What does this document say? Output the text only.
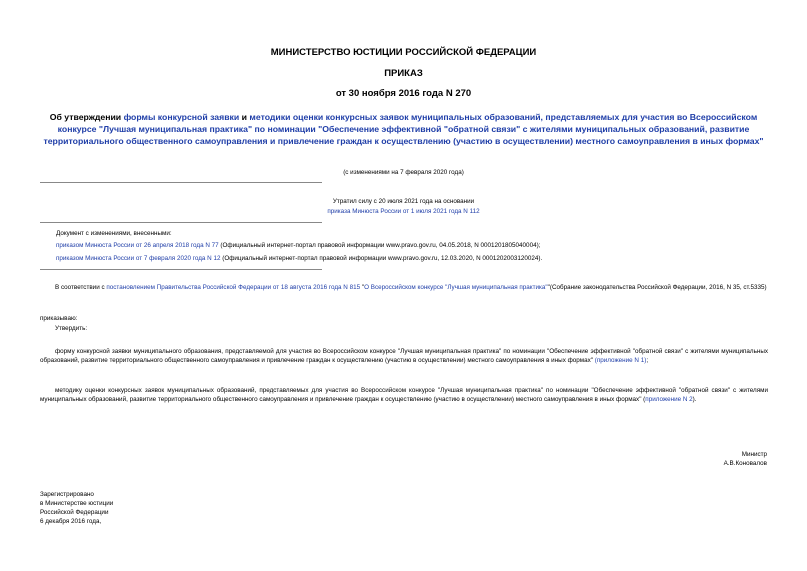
МИНИСТЕРСТВО ЮСТИЦИИ РОССИЙСКОЙ ФЕДЕРАЦИИ
ПРИКАЗ
от 30 ноября 2016 года N 270
Об утверждении формы конкурсной заявки и методики оценки конкурсных заявок муниципальных образований, представляемых для участия во Всероссийском конкурсе "Лучшая муниципальная практика" по номинации "Обеспечение эффективной "обратной связи" с жителями муниципальных образований, развитие территориального общественного самоуправления и привлечение граждан к осуществлению (участию в осуществлении) местного самоуправления в иных формах"
(с изменениями на 7 февраля 2020 года)
Утратил силу с 20 июля 2021 года на основании
приказа Минюста России от 1 июля 2021 года N 112
Документ с изменениями, внесенными:
приказом Минюста России от 26 апреля 2018 года N 77 (Официальный интернет-портал правовой информации www.pravo.gov.ru, 04.05.2018, N 0001201805040004);
приказом Минюста России от 7 февраля 2020 года N 12 (Официальный интернет-портал правовой информации www.pravo.gov.ru, 12.03.2020, N 0001202003120024).
В соответствии с постановлением Правительства Российской Федерации от 18 августа 2016 года N 815 "О Всероссийском конкурсе "Лучшая муниципальная практика""(Собрание законодательства Российской Федерации, 2016, N 35, ст.5335)
приказываю:
Утвердить:
форму конкурсной заявки муниципального образования, представляемой для участия во Всероссийском конкурсе "Лучшая муниципальная практика" по номинации "Обеспечение эффективной "обратной связи" с жителями муниципальных образований, развитие территориального общественного самоуправления и привлечение граждан к осуществлению (участию в осуществлении) местного самоуправления в иных формах" (приложение N 1);
методику оценки конкурсных заявок муниципальных образований, представляемых для участия во Всероссийском конкурсе "Лучшая муниципальная практика" по номинации "Обеспечение эффективной "обратной связи" с жителями муниципальных образований, развитие территориального общественного самоуправления и привлечение граждан к осуществлению (участию в осуществлении) местного самоуправления в иных формах" (приложение N 2).
Министр
А.В.Коновалов
Зарегистрировано
в Министерстве юстиции
Российской Федерации
6 декабря 2016 года,
